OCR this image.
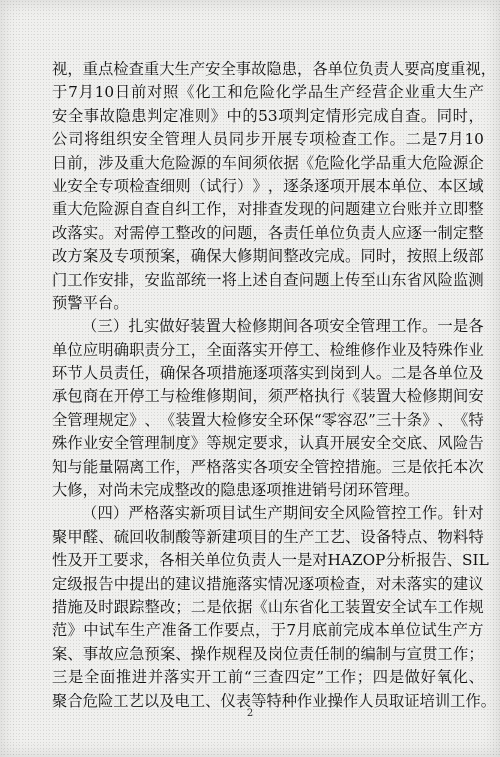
视 ， 重 点 检 查 重 大 生 产 安 全 事 故 隐 患 ， 各 单 位 负 责 人 要 高 度 重 视 ，
于 7 月 10 日 前 对 照 《 化 工 和 危 险 化 学 品 生 产 经 营 企 业 重 大 生 产
安 全 事 故 隐 患 判 定 准 则 》 中 的 53 项 判 定 情 形 完 成 自 查 。 同 时 ，
公 司 将 组 织 安 全 管 理 人 员 同 步 开 展 专 项 检 查 工 作 。 二 是 7 月 10
日 前 ， 涉 及 重 大 危 险 源 的 车 间 须 依 据 《 危 险 化 学 品 重 大 危 险 源 企
业 安 全 专 项 检 查 细 则 （ 试 行 ） 》 ， 逐 条 逐 项 开 展 本 单 位 、 本 区 域
重 大 危 险 源 自 查 自 纠 工 作 ， 对 排 查 发 现 的 问 题 建 立 台 账 并 立 即 整
改 落 实 。 对 需 停 工 整 改 的 问 题 ， 各 责 任 单 位 负 责 人 应 逐 一 制 定 整
改 方 案 及 专 项 预 案 ， 确 保 大 修 期 间 整 改 完 成 。 同 时 ， 按 照 上 级 部
门 工 作 安 排 ， 安 监 部 统 一 将 上 述 自 查 问 题 上 传 至 山 东 省 风 险 监 测
预警平台。
（ 三 ） 扎 实 做 好 装 置 大 检 修 期 间 各 项 安 全 管 理 工 作 。 一 是 各
单 位 应 明 确 职 责 分 工 ， 全 面 落 实 开 停 工 、 检 维 修 作 业 及 特 殊 作 业
环 节 人 员 责 任 ， 确 保 各 项 措 施 逐 项 落 实 到 岗 到 人 。 二 是 各 单 位 及
承 包 商 在 开 停 工 与 检 维 修 期 间 ， 须 严 格 执 行 《 装 置 大 检 修 期 间 安
全 管 理 规 定 》 、 《 装 置 大 检 修 安 全 环 保 “ 零 容 忍 ” 三 十 条 》 、 《 特
殊 作 业 安 全 管 理 制 度 》 等 规 定 要 求 ， 认 真 开 展 安 全 交 底 、 风 险 告
知 与 能 量 隔 离 工 作 ， 严 格 落 实 各 项 安 全 管 控 措 施 。 三 是 依 托 本 次
大修，对尚未完成整改的隐患逐项推进销号闭环管理。
（ 四 ） 严 格 落 实 新 项 目 试 生 产 期 间 安 全 风 险 管 控 工 作 。 针 对
聚 甲 醛 、 硫 回 收 制 酸 等 新 建 项 目 的 生 产 工 艺 、 设 备 特 点 、 物 料 特
性 及 开 工 要 求 ， 各 相 关 单 位 负 责 人 一 是 对 HAZOP 分 析 报 告 、 SIL
定 级 报 告 中 提 出 的 建 议 措 施 落 实 情 况 逐 项 检 查 ， 对 未 落 实 的 建 议
措 施 及 时 跟 踪 整 改 ； 二 是 依 据 《 山 东 省 化 工 装 置 安 全 试 车 工 作 规
范 》 中 试 车 生 产 准 备 工 作 要 点 ， 于 7 月 底 前 完 成 本 单 位 试 生 产 方
案 、 事 故 应 急 预 案 、 操 作 规 程 及 岗 位 责 任 制 的 编 制 与 宣 贯 工 作 ；
三 是 全 面 推 进 并 落 实 开 工 前 “ 三 查 四 定 ” 工 作 ； 四 是 做 好 氧 化 、
聚 合 危 险 工 艺 以 及 电 工 、 仪 表 等 特 种 作 业 操 作 人 员 取 证 培 训 工 作 。
2
